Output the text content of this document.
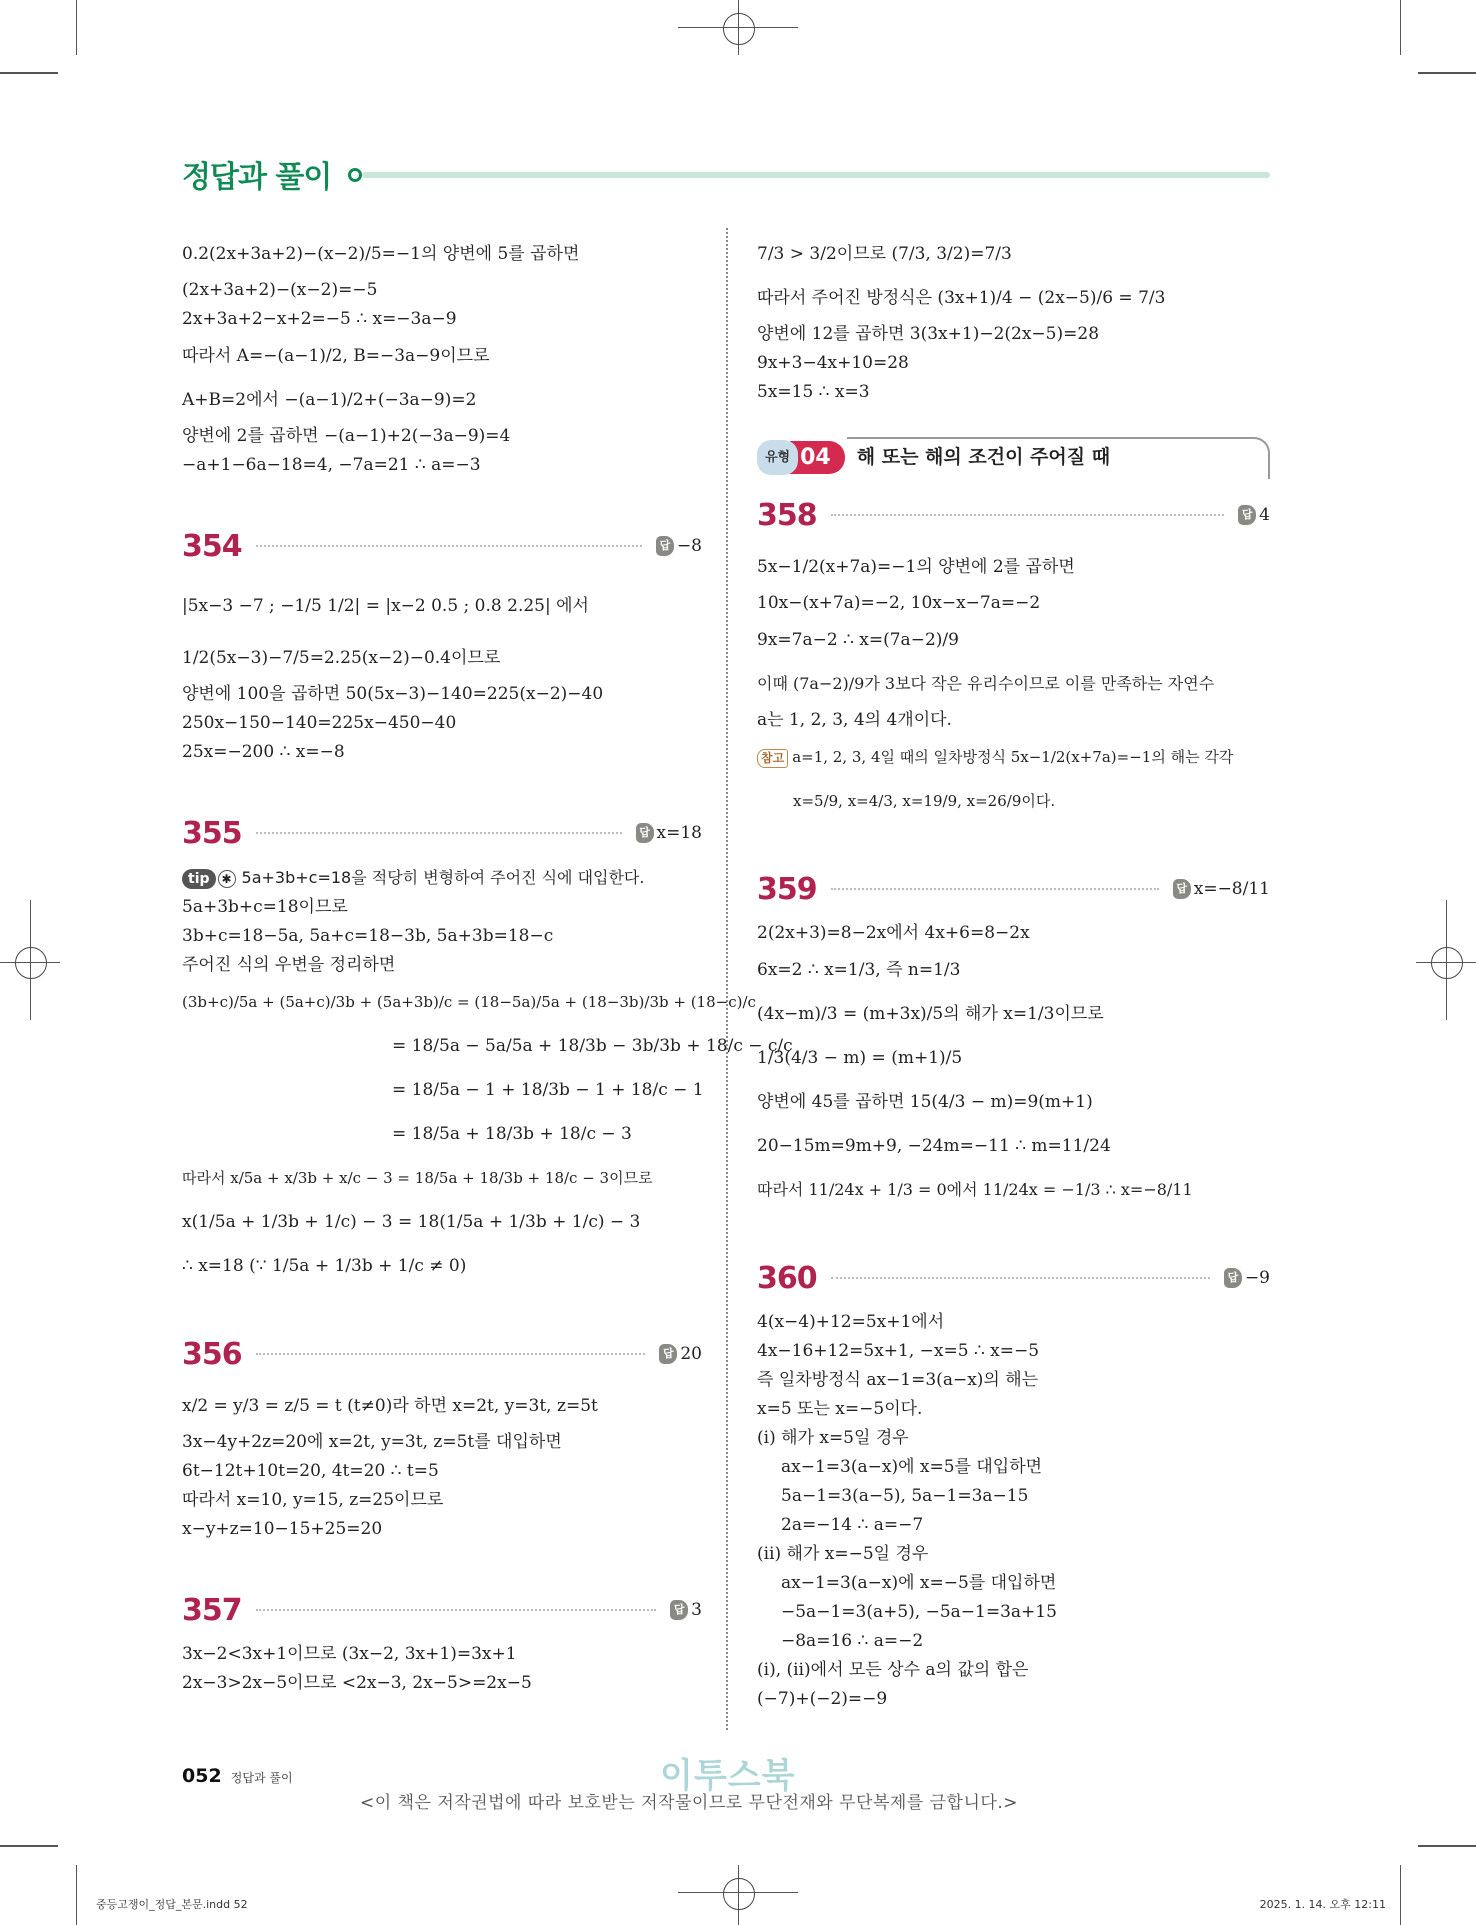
정답과 풀이
0.2(2x+3a+2)−(x−2)/5=−1의 양변에 5를 곱하면
(2x+3a+2)−(x−2)=−5
2x+3a+2−x+2=−5 ∴ x=−3a−9
따라서 A=−(a−1)/2, B=−3a−9이므로
A+B=2에서 −(a−1)/2+(−3a−9)=2
양변에 2를 곱하면 −(a−1)+2(−3a−9)=4
−a+1−6a−18=4, −7a=21 ∴ a=−3
354	답 −8
|5x−3 −7 ; −1/5 1/2| = |x−2 0.5 ; 0.8 2.25| 에서
1/2(5x−3)−7/5=2.25(x−2)−0.4이므로
양변에 100을 곱하면 50(5x−3)−140=225(x−2)−40
250x−150−140=225x−450−40
25x=−200 ∴ x=−8
355	답 x=18
tip ✱ 5a+3b+c=18을 적당히 변형하여 주어진 식에 대입한다.
5a+3b+c=18이므로
3b+c=18−5a, 5a+c=18−3b, 5a+3b=18−c
주어진 식의 우변을 정리하면
(3b+c)/5a + (5a+c)/3b + (5a+3b)/c = (18−5a)/5a + (18−3b)/3b + (18−c)/c
= 18/5a − 5a/5a + 18/3b − 3b/3b + 18/c − c/c
= 18/5a − 1 + 18/3b − 1 + 18/c − 1
= 18/5a + 18/3b + 18/c − 3
따라서 x/5a + x/3b + x/c − 3 = 18/5a + 18/3b + 18/c − 3이므로
x(1/5a + 1/3b + 1/c) − 3 = 18(1/5a + 1/3b + 1/c) − 3
∴ x=18 (∵ 1/5a + 1/3b + 1/c ≠ 0)
356	답 20
x/2 = y/3 = z/5 = t (t≠0)라 하면 x=2t, y=3t, z=5t
3x−4y+2z=20에 x=2t, y=3t, z=5t를 대입하면
6t−12t+10t=20, 4t=20 ∴ t=5
따라서 x=10, y=15, z=25이므로
x−y+z=10−15+25=20
357	답 3
3x−2<3x+1이므로 (3x−2, 3x+1)=3x+1
2x−3>2x−5이므로 <2x−3, 2x−5>=2x−5
7/3 > 3/2이므로 (7/3, 3/2)=7/3
따라서 주어진 방정식은 (3x+1)/4 − (2x−5)/6 = 7/3
양변에 12를 곱하면 3(3x+1)−2(2x−5)=28
9x+3−4x+10=28
5x=15 ∴ x=3
유형 04	해 또는 해의 조건이 주어질 때
358	답 4
5x−1/2(x+7a)=−1의 양변에 2를 곱하면
10x−(x+7a)=−2, 10x−x−7a=−2
9x=7a−2 ∴ x=(7a−2)/9
이때 (7a−2)/9가 3보다 작은 유리수이므로 이를 만족하는 자연수
a는 1, 2, 3, 4의 4개이다.
참고 a=1, 2, 3, 4일 때의 일차방정식 5x−1/2(x+7a)=−1의 해는 각각
x=5/9, x=4/3, x=19/9, x=26/9이다.
359	답 x=−8/11
2(2x+3)=8−2x에서 4x+6=8−2x
6x=2 ∴ x=1/3, 즉 n=1/3
(4x−m)/3 = (m+3x)/5의 해가 x=1/3이므로
1/3(4/3 − m) = (m+1)/5
양변에 45를 곱하면 15(4/3 − m)=9(m+1)
20−15m=9m+9, −24m=−11 ∴ m=11/24
따라서 11/24x + 1/3 = 0에서 11/24x = −1/3 ∴ x=−8/11
360	답 −9
4(x−4)+12=5x+1에서
4x−16+12=5x+1, −x=5 ∴ x=−5
즉 일차방정식 ax−1=3(a−x)의 해는
x=5 또는 x=−5이다.
(ⅰ) 해가 x=5일 경우
ax−1=3(a−x)에 x=5를 대입하면
5a−1=3(a−5), 5a−1=3a−15
2a=−14 ∴ a=−7
(ⅱ) 해가 x=−5일 경우
ax−1=3(a−x)에 x=−5를 대입하면
−5a−1=3(a+5), −5a−1=3a+15
−8a=16 ∴ a=−2
(ⅰ), (ⅱ)에서 모든 상수 a의 값의 합은
(−7)+(−2)=−9
052 정답과 풀이	이투스북
<이 책은 저작권법에 따라 보호받는 저작물이므로 무단전재와 무단복제를 금합니다.>
중등고쟁이_정답_본문.indd 52	2025. 1. 14. 오후 12:11
